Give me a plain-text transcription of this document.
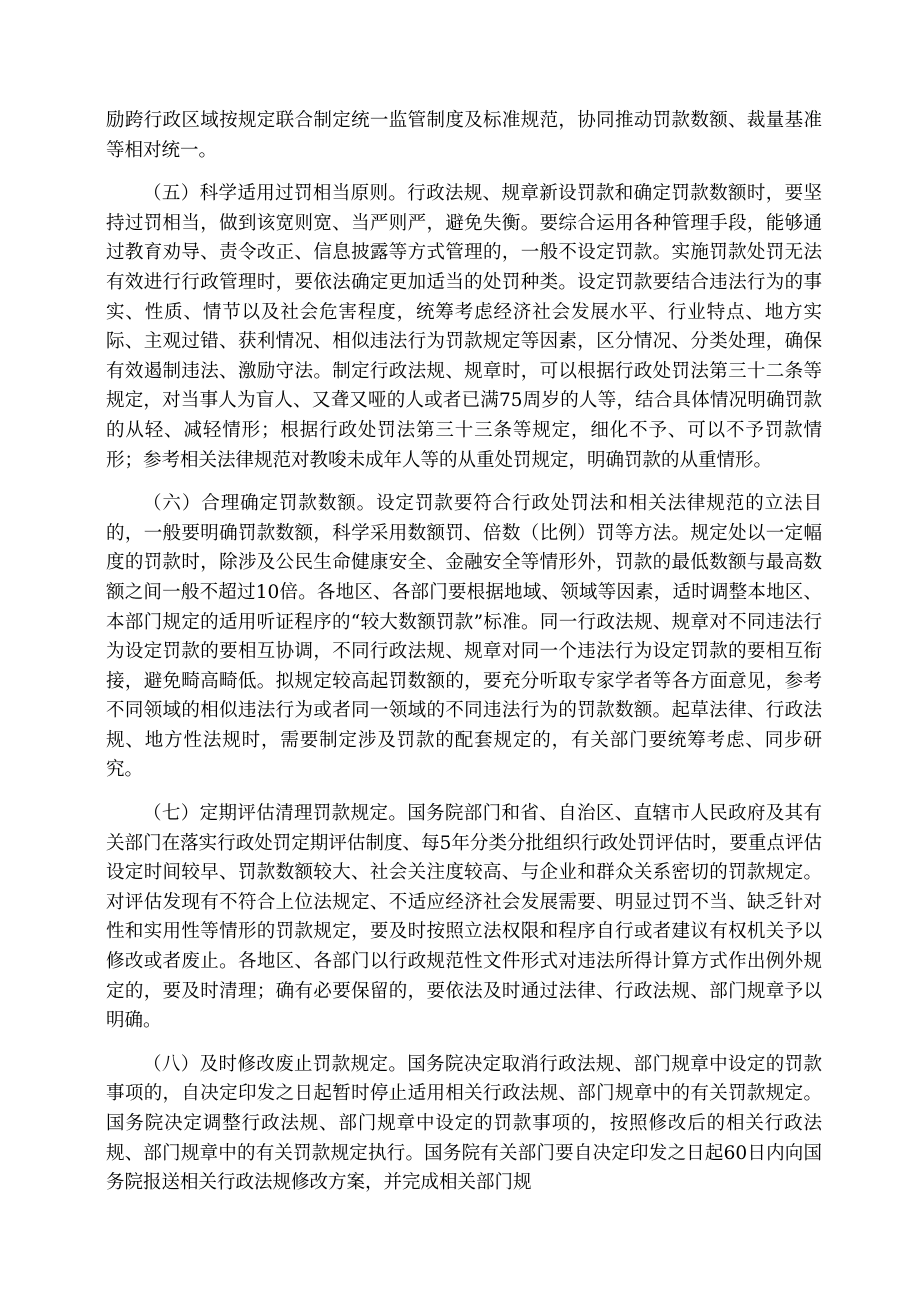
励跨行政区域按规定联合制定统一监管制度及标准规范，协同推动罚款数额、裁量基准等相对统一。

（五）科学适用过罚相当原则。行政法规、规章新设罚款和确定罚款数额时，要坚持过罚相当，做到该宽则宽、当严则严，避免失衡。要综合运用各种管理手段，能够通过教育劝导、责令改正、信息披露等方式管理的，一般不设定罚款。实施罚款处罚无法有效进行行政管理时，要依法确定更加适当的处罚种类。设定罚款要结合违法行为的事实、性质、情节以及社会危害程度，统筹考虑经济社会发展水平、行业特点、地方实际、主观过错、获利情况、相似违法行为罚款规定等因素，区分情况、分类处理，确保有效遏制违法、激励守法。制定行政法规、规章时，可以根据行政处罚法第三十二条等规定，对当事人为盲人、又聋又哑的人或者已满75周岁的人等，结合具体情况明确罚款的从轻、减轻情形；根据行政处罚法第三十三条等规定，细化不予、可以不予罚款情形；参考相关法律规范对教唆未成年人等的从重处罚规定，明确罚款的从重情形。

（六）合理确定罚款数额。设定罚款要符合行政处罚法和相关法律规范的立法目的，一般要明确罚款数额，科学采用数额罚、倍数（比例）罚等方法。规定处以一定幅度的罚款时，除涉及公民生命健康安全、金融安全等情形外，罚款的最低数额与最高数额之间一般不超过10倍。各地区、各部门要根据地域、领域等因素，适时调整本地区、本部门规定的适用听证程序的“较大数额罚款”标准。同一行政法规、规章对不同违法行为设定罚款的要相互协调，不同行政法规、规章对同一个违法行为设定罚款的要相互衔接，避免畸高畸低。拟规定较高起罚数额的，要充分听取专家学者等各方面意见，参考不同领域的相似违法行为或者同一领域的不同违法行为的罚款数额。起草法律、行政法规、地方性法规时，需要制定涉及罚款的配套规定的，有关部门要统筹考虑、同步研究。

（七）定期评估清理罚款规定。国务院部门和省、自治区、直辖市人民政府及其有关部门在落实行政处罚定期评估制度、每5年分类分批组织行政处罚评估时，要重点评估设定时间较早、罚款数额较大、社会关注度较高、与企业和群众关系密切的罚款规定。对评估发现有不符合上位法规定、不适应经济社会发展需要、明显过罚不当、缺乏针对性和实用性等情形的罚款规定，要及时按照立法权限和程序自行或者建议有权机关予以修改或者废止。各地区、各部门以行政规范性文件形式对违法所得计算方式作出例外规定的，要及时清理；确有必要保留的，要依法及时通过法律、行政法规、部门规章予以明确。

（八）及时修改废止罚款规定。国务院决定取消行政法规、部门规章中设定的罚款事项的，自决定印发之日起暂时停止适用相关行政法规、部门规章中的有关罚款规定。国务院决定调整行政法规、部门规章中设定的罚款事项的，按照修改后的相关行政法规、部门规章中的有关罚款规定执行。国务院有关部门要自决定印发之日起60日内向国务院报送相关行政法规修改方案，并完成相关部门规
